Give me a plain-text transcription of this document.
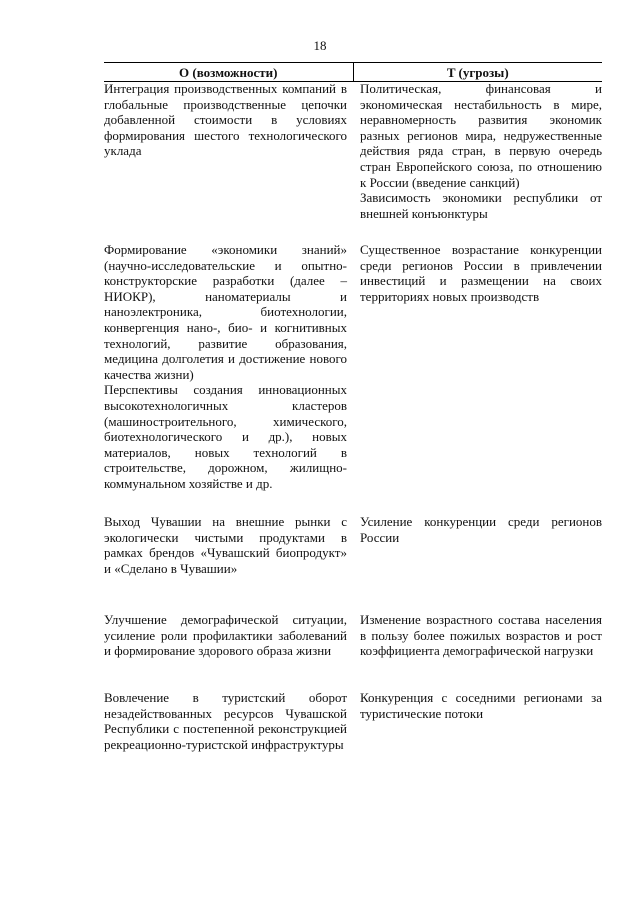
18
O (возможности)	T (угрозы)
Интеграция производственных компаний в глобальные производственные цепочки добавленной стоимости в условиях формирования шестого технологического уклада
Политическая, финансовая и экономическая нестабильность в мире, неравномерность развития экономик разных регионов мира, недружественные действия ряда стран, в первую очередь стран Европейского союза, по отношению к России (введение санкций)
Зависимость экономики республики от внешней конъюнктуры
Формирование «экономики знаний» (научно-исследовательские и опытно-конструкторские разработки (далее – НИОКР), наноматериалы и наноэлектроника, биотехнологии, конвергенция нано-, био- и когнитивных технологий, развитие образования, медицина долголетия и достижение нового качества жизни)
Перспективы создания инновационных высокотехнологичных кластеров (машиностроительного, химического, биотехнологического и др.), новых материалов, новых технологий в строительстве, дорожном, жилищно-коммунальном хозяйстве и др.
Существенное возрастание конкуренции среди регионов России в привлечении инвестиций и размещении на своих территориях новых производств
Выход Чувашии на внешние рынки с экологически чистыми продуктами в рамках брендов «Чувашский биопродукт» и «Сделано в Чувашии»
Усиление конкуренции среди регионов России
Улучшение демографической ситуации, усиление роли профилактики заболеваний и формирование здорового образа жизни
Изменение возрастного состава населения в пользу более пожилых возрастов и рост коэффициента демографической нагрузки
Вовлечение в туристский оборот незадействованных ресурсов Чувашской Республики с постепенной реконструкцией рекреационно-туристской инфраструктуры
Конкуренция с соседними регионами за туристические потоки
